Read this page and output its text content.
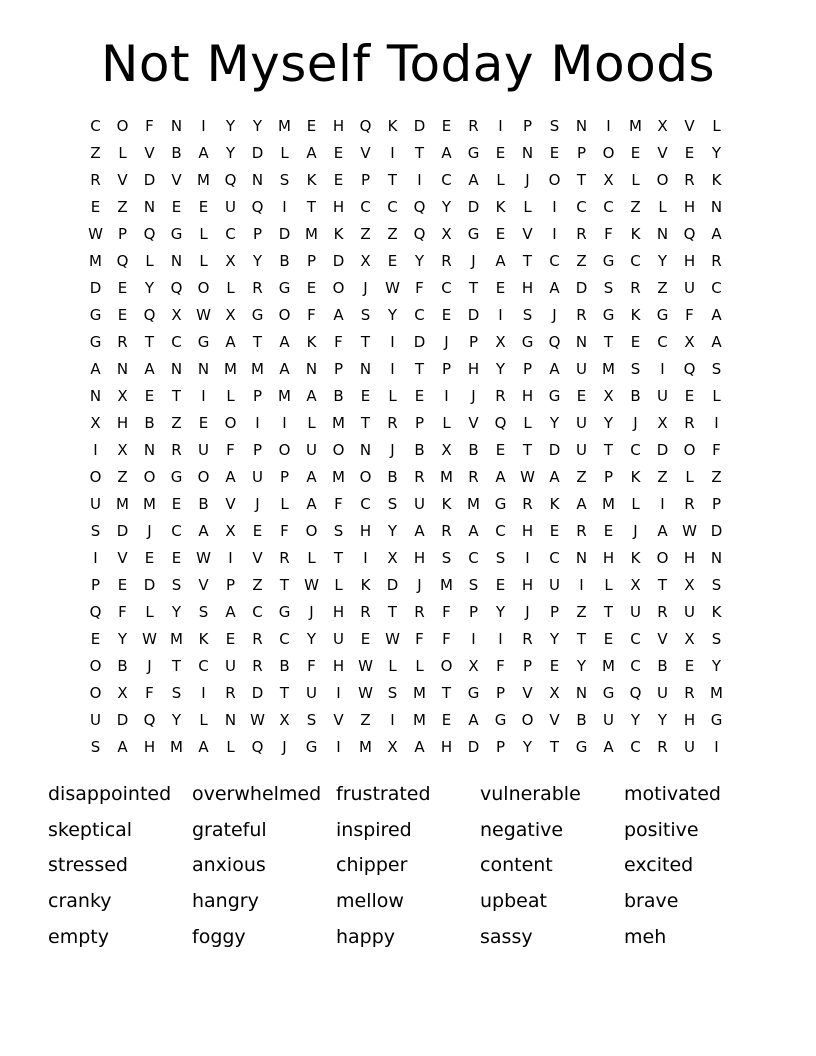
Not Myself Today Moods
C	O	F	N	I	Y	Y	M	E	H	Q	K	D	E	R	I	P	S	N	I	M	X	V	L
Z	L	V	B	A	Y	D	L	A	E	V	I	T	A	G	E	N	E	P	O	E	V	E	Y
R	V	D	V	M Q	N	S	K	E	P	T	I	C	A	L	J	O	T	X	L	O	R	K
E	Z	N	E	E	U	Q	I	T	H	C	C	Q	Y	D	K	L	I	C	C	Z	L	H	N
W	P	Q	G	L	C	P	D M	K	Z	Z	Q	X	G	E	V	I	R	F	K	N	Q	A
M Q	L	N	L	X	Y	B	P	D	X	E	Y	R	J	A	T	C	Z	G	C	Y	H	R
D	E	Y	Q	O	L	R	G	E	O	J	W	F	C	T	E	H	A	D	S	R	Z	U	C
G	E	Q	X W X	G	O	F	A	S	Y	C	E	D	I	S	J	R	G	K	G	F	A
G	R	T	C	G	A	T	A	K	F	T	I	D	J	P	X	G	Q	N	T	E	C	X	A
A	N	A	N	N M M	A	N	P	N	I	T	P	H	Y	P	A	U	M	S	I	Q	S
N	X	E	T	I	L	P	M	A	B	E	L	E	I	J	R	H	G	E	X	B	U	E	L
X	H	B	Z	E	O	I	I	L	M	T	R	P	L	V	Q	L	Y	U	Y	J	X	R	I
I	X	N	R	U	F	P	O	U	O	N	J	B	X	B	E	T	D	U	T	C	D	O	F
O	Z	O	G	O	A	U	P	A	M O	B	R	M	R	A W A	Z	P	K	Z	L	Z
U	M M	E	B	V	J	L	A	F	C	S	U	K	M G	R	K	A	M	L	I	R	P
S	D	J	C	A	X	E	F	O	S	H	Y	A	R	A	C	H	E	R	E	J	A W D
I	V	E	E W	I	V	R	L	T	I	X	H	S	C	S	I	C	N	H	K	O	H	N
P	E	D	S	V	P	Z	T	W	L	K	D	J	M	S	E	H	U	I	L	X	T	X	S
Q	F	L	Y	S	A	C	G	J	H	R	T	R	F	P	Y	J	P	Z	T	U	R	U	K
E	Y	W M	K	E	R	C	Y	U	E W	F	F	I	I	R	Y	T	E	C	V	X	S
O	B	J	T	C	U	R	B	F	H W	L	L	O	X	F	P	E	Y	M	C	B	E	Y
O	X	F	S	I	R	D	T	U	I	W S	M	T	G	P	V	X	N	G	Q	U	R	M
U	D	Q	Y	L	N W X	S	V	Z	I	M	E	A	G	O	V	B	U	Y	Y	H	G
S	A	H M	A	L	Q	J	G	I	M	X	A	H	D	P	Y	T	G	A	C	R	U	I
disappointed	overwhelmed frustrated	vulnerable	motivated
skeptical	grateful	inspired	negative	positive
stressed	anxious	chipper	content	excited
cranky	hangry	mellow	upbeat	brave
empty	foggy	happy	sassy	meh
